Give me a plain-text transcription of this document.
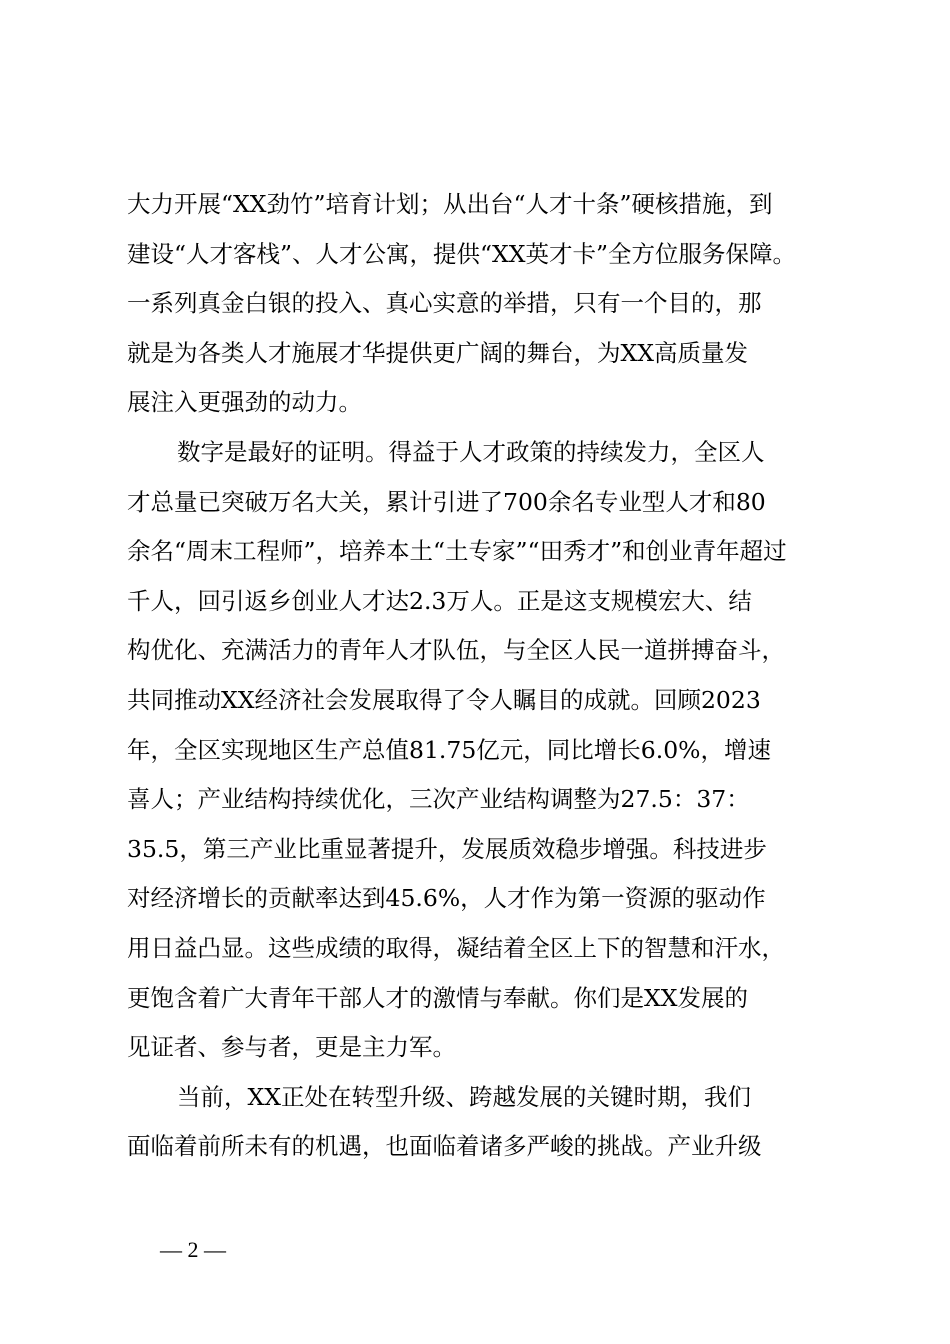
大力开展“XX劲竹”培育计划；从出台“人才十条”硬核措施，到
建设“人才客栈”、人才公寓，提供“XX英才卡”全方位服务保障。
一系列真金白银的投入、真心实意的举措，只有一个目的，那
就是为各类人才施展才华提供更广阔的舞台，为XX高质量发
展注入更强劲的动力。
数字是最好的证明。得益于人才政策的持续发力，全区人
才总量已突破万名大关，累计引进了700余名专业型人才和80
余名“周末工程师”，培养本土“土专家”“田秀才”和创业青年超过
千人，回引返乡创业人才达2.3万人。正是这支规模宏大、结
构优化、充满活力的青年人才队伍，与全区人民一道拼搏奋斗，
共同推动XX经济社会发展取得了令人瞩目的成就。回顾2023
年，全区实现地区生产总值81.75亿元，同比增长6.0%，增速
喜人；产业结构持续优化，三次产业结构调整为27.5：37：
35.5，第三产业比重显著提升，发展质效稳步增强。科技进步
对经济增长的贡献率达到45.6%，人才作为第一资源的驱动作
用日益凸显。这些成绩的取得，凝结着全区上下的智慧和汗水，
更饱含着广大青年干部人才的激情与奉献。你们是XX发展的
见证者、参与者，更是主力军。
当前，XX正处在转型升级、跨越发展的关键时期，我们
面临着前所未有的机遇，也面临着诸多严峻的挑战。产业升级
— 2 —
